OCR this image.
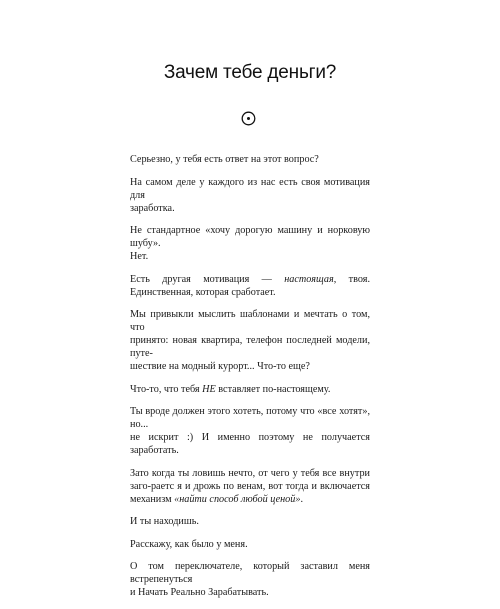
Зачем тебе деньги?

Серьезно, у тебя есть ответ на этот вопрос?

На самом деле у каждого из нас есть своя мотивация для
заработка.

Не стандартное «хочу дорогую машину и норковую шубу».
Нет.

Есть другая мотивация — настоящая, твоя. Единственная, которая сработает.

Мы привыкли мыслить шаблонами и мечтать о том, что
принято: новая квартира, телефон последней модели, путе-
шествие на модный курорт... Что-то еще?

Что-то, что тебя НЕ вставляет по-настоящему.

Ты вроде должен этого хотеть, потому что «все хотят», но...
не искрит :) И именно поэтому не получается заработать.

Зато когда ты ловишь нечто, от чего у тебя все внутри заго-раетс я и дрожь по венам, вот тогда и включается механизм «найти способ любой ценой».

И ты находишь.

Расскажу, как было у меня.

О том переключателе, который заставил меня встрепенуться
и Начать Реально Зарабатывать.
